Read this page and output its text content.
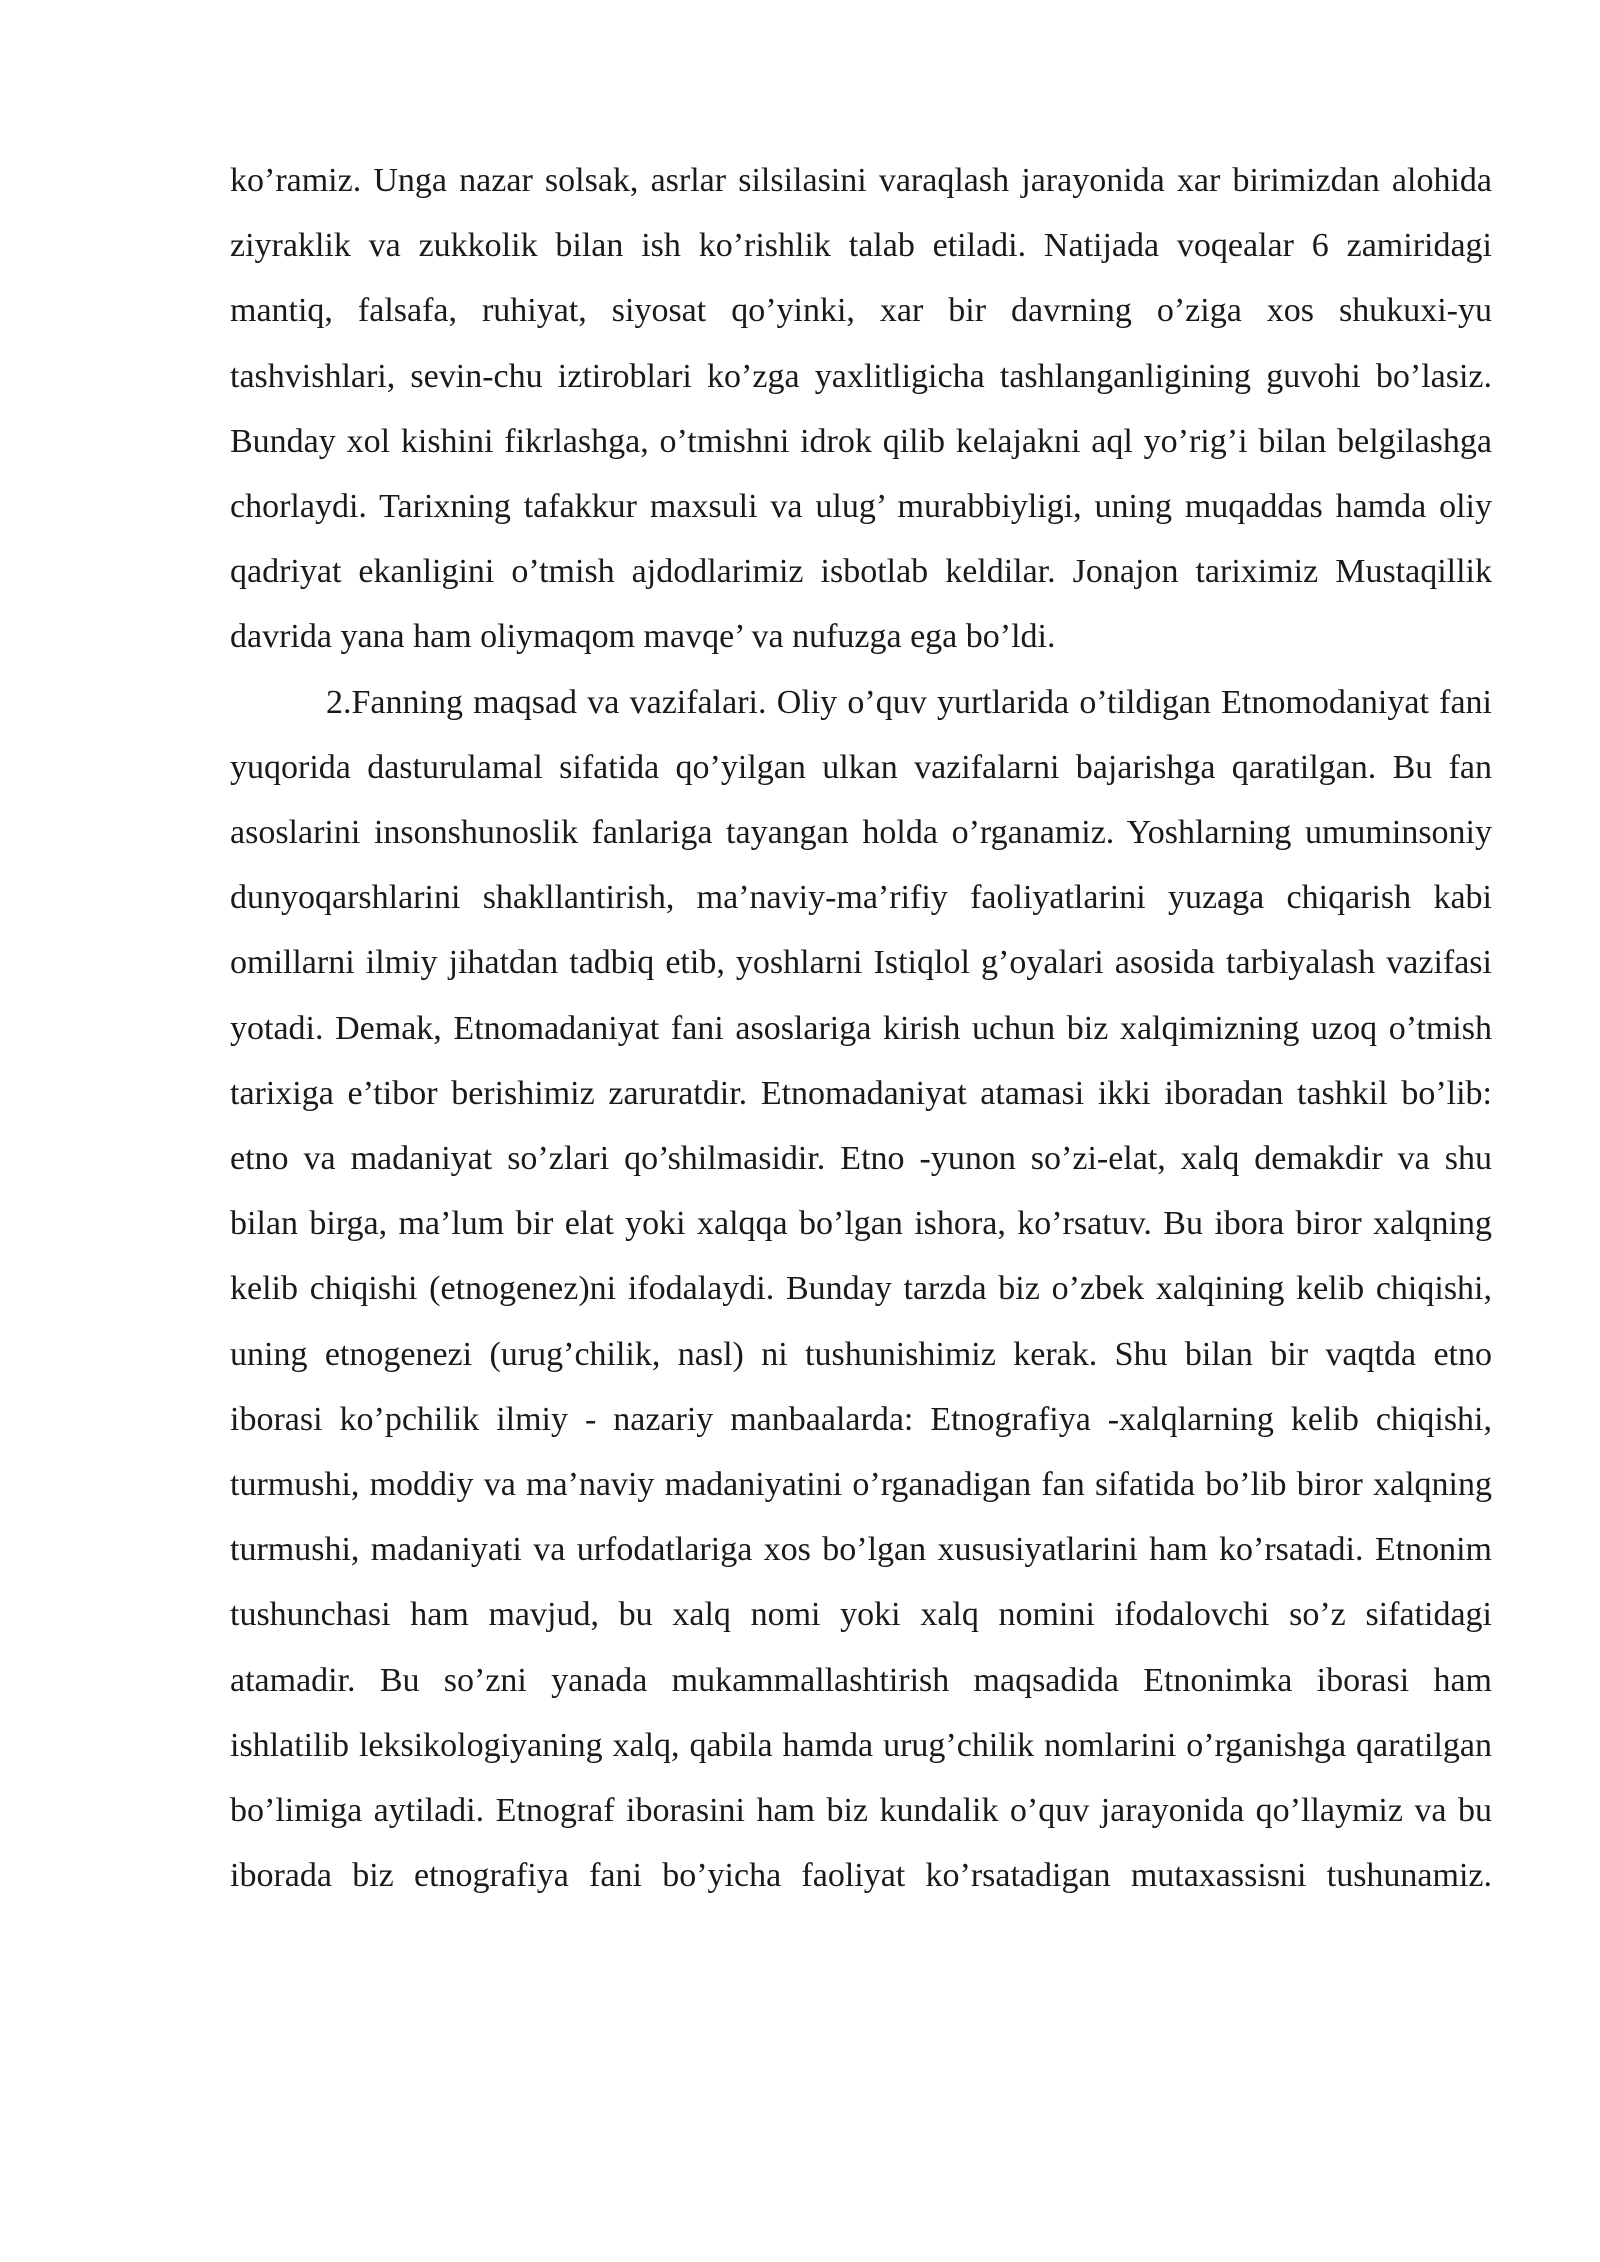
ko’ramiz. Unga nazar solsak, asrlar silsilasini varaqlash jarayonida xar birimizdan alohida ziyraklik va zukkolik bilan ish ko’rishlik talab etiladi. Natijada voqealar 6 zamiridagi mantiq, falsafa, ruhiyat, siyosat qo’yinki, xar bir davrning o’ziga xos shukuxi-yu tashvishlari, sevin-chu iztiroblari ko’zga yaxlitligicha tashlanganligining guvohi bo’lasiz. Bunday xol kishini fikrlashga, o’tmishni idrok qilib kelajakni aql yo’rig’i bilan belgilashga chorlaydi. Tarixning tafakkur maxsuli va ulug’ murabbiyligi, uning muqaddas hamda oliy qadriyat ekanligini o’tmish ajdodlarimiz isbotlab keldilar. Jonajon tariximiz Mustaqillik davrida yana ham oliymaqom mavqe’ va nufuzga ega bo’ldi.

2.Fanning maqsad va vazifalari. Oliy o’quv yurtlarida o’tildigan Etnomodaniyat fani yuqorida dasturulamal sifatida qo’yilgan ulkan vazifalarni bajarishga qaratilgan. Bu fan asoslarini insonshunoslik fanlariga tayangan holda o’rganamiz. Yoshlarning umuminsoniy dunyoqarshlarini shakllantirish, ma’naviy-ma’rifiy faoliyatlarini yuzaga chiqarish kabi omillarni ilmiy jihatdan tadbiq etib, yoshlarni Istiqlol g’oyalari asosida tarbiyalash vazifasi yotadi. Demak, Etnomadaniyat fani asoslariga kirish uchun biz xalqimizning uzoq o’tmish tarixiga e’tibor berishimiz zaruratdir. Etnomadaniyat atamasi ikki iboradan tashkil bo’lib: etno va madaniyat so’zlari qo’shilmasidir. Etno -yunon so’zi-elat, xalq demakdir va shu bilan birga, ma’lum bir elat yoki xalqqa bo’lgan ishora, ko’rsatuv. Bu ibora biror xalqning kelib chiqishi (etnogenez)ni ifodalaydi. Bunday tarzda biz o’zbek xalqining kelib chiqishi, uning etnogenezi (urug’chilik, nasl) ni tushunishimiz kerak. Shu bilan bir vaqtda etno iborasi ko’pchilik ilmiy - nazariy manbaalarda: Etnografiya -xalqlarning kelib chiqishi, turmushi, moddiy va ma’naviy madaniyatini o’rganadigan fan sifatida bo’lib biror xalqning turmushi, madaniyati va urfodatlariga xos bo’lgan xususiyatlarini ham ko’rsatadi. Etnonim tushunchasi ham mavjud, bu xalq nomi yoki xalq nomini ifodalovchi so’z sifatidagi atamadir. Bu so’zni yanada mukammallashtirish maqsadida Etnonimka iborasi ham ishlatilib leksikologiyaning xalq, qabila hamda urug’chilik nomlarini o’rganishga qaratilgan bo’limiga aytiladi. Etnograf iborasini ham biz kundalik o’quv jarayonida qo’llaymiz va bu iborada biz etnografiya fani bo’yicha faoliyat ko’rsatadigan mutaxassisni tushunamiz.
